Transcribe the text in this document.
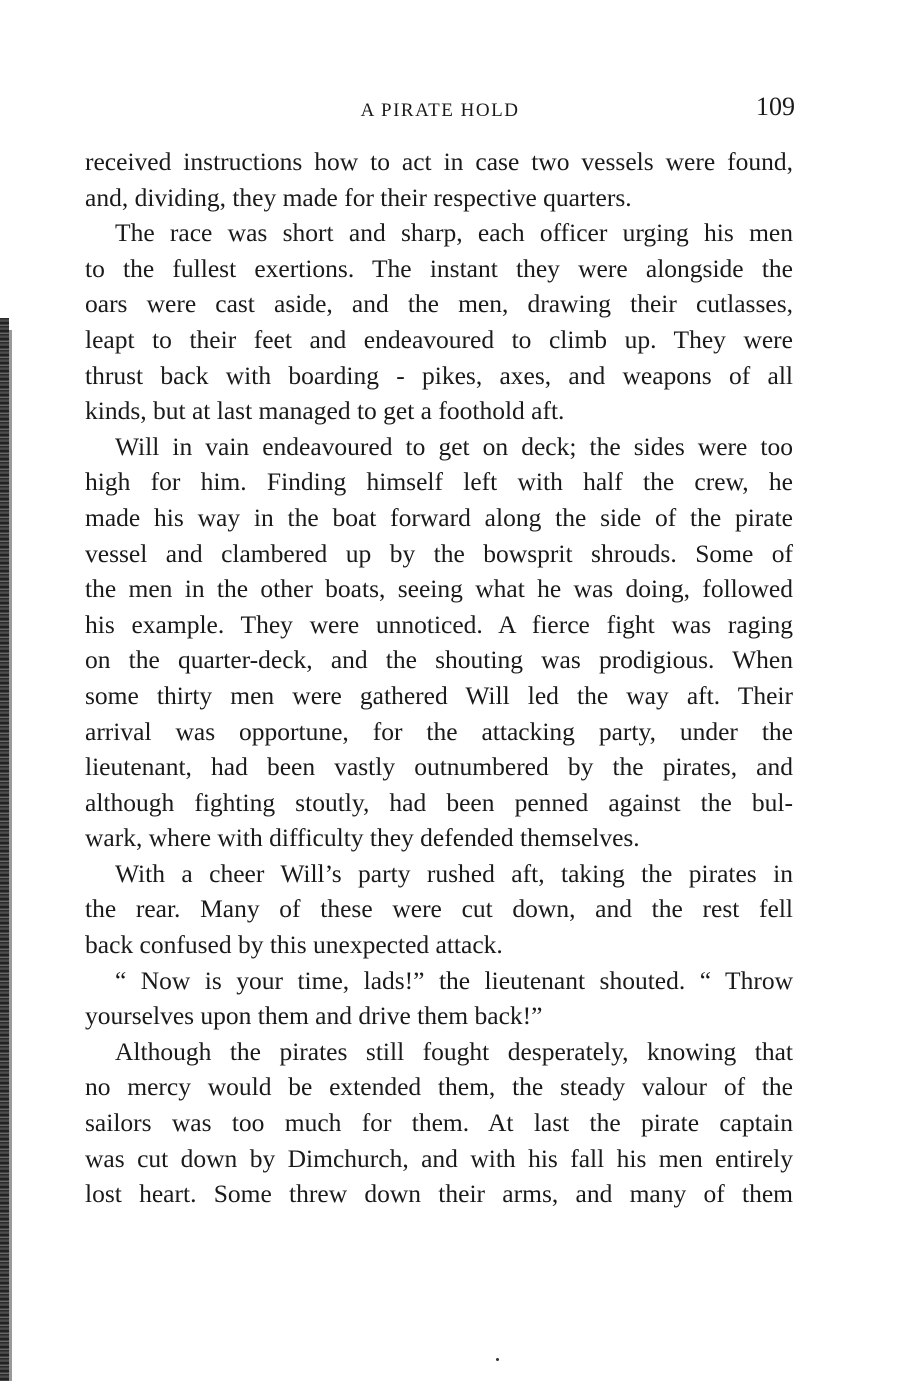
A PIRATE HOLD	109
received instructions how to act in case two vessels were found,
and, dividing, they made for their respective quarters.
The race was short and sharp, each officer urging his men
to the fullest exertions. The instant they were alongside the
oars were cast aside, and the men, drawing their cutlasses,
leapt to their feet and endeavoured to climb up. They were
thrust back with boarding - pikes, axes, and weapons of all
kinds, but at last managed to get a foothold aft.
Will in vain endeavoured to get on deck; the sides were too
high for him. Finding himself left with half the crew, he
made his way in the boat forward along the side of the pirate
vessel and clambered up by the bowsprit shrouds. Some of
the men in the other boats, seeing what he was doing, followed
his example. They were unnoticed. A fierce fight was raging
on the quarter-deck, and the shouting was prodigious. When
some thirty men were gathered Will led the way aft. Their
arrival was opportune, for the attacking party, under the
lieutenant, had been vastly outnumbered by the pirates, and
although fighting stoutly, had been penned against the bul-
wark, where with difficulty they defended themselves.
With a cheer Will’s party rushed aft, taking the pirates in
the rear. Many of these were cut down, and the rest fell
back confused by this unexpected attack.
“ Now is your time, lads!” the lieutenant shouted. “ Throw
yourselves upon them and drive them back!”
Although the pirates still fought desperately, knowing that
no mercy would be extended them, the steady valour of the
sailors was too much for them. At last the pirate captain
was cut down by Dimchurch, and with his fall his men entirely
lost heart. Some threw down their arms, and many of them
